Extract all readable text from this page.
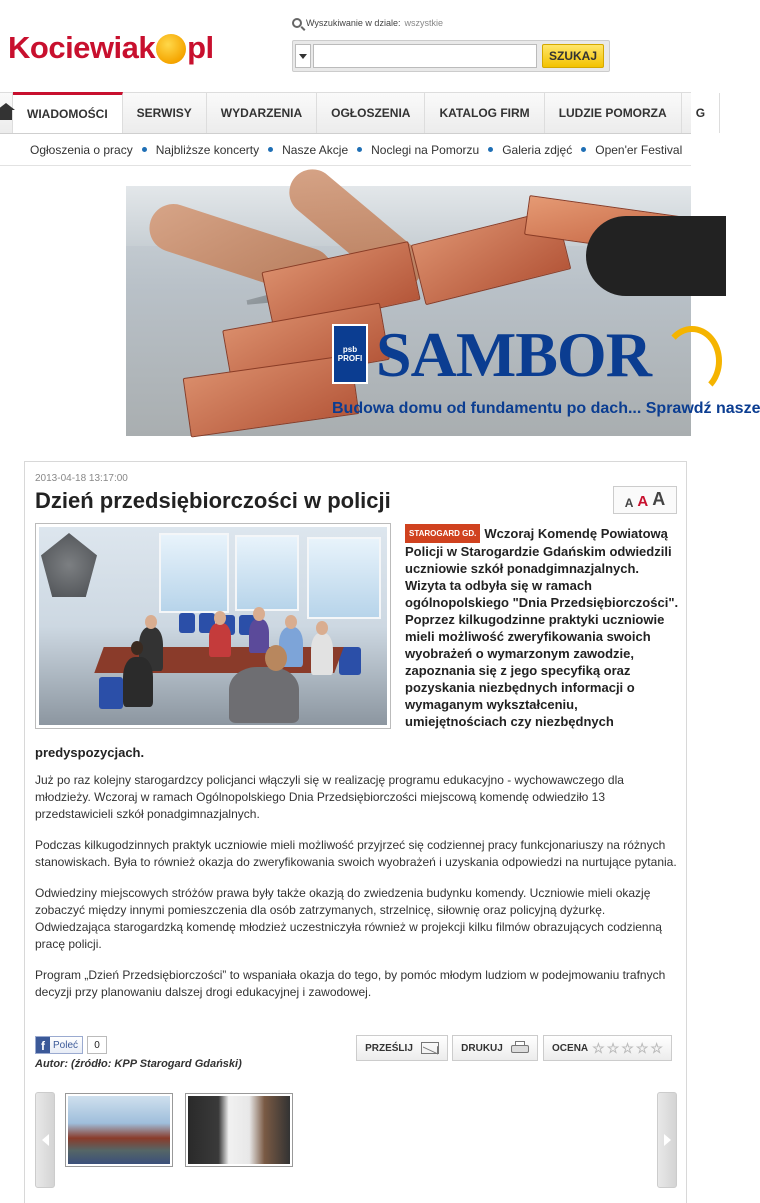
Kociewiak pl
Wyszukiwanie w dziale: wszystkie
SZUKAJ
WIADOMOŚCI	SERWISY	WYDARZENIA	OGŁOSZENIA	KATALOG FIRM	LUDZIE POMORZA	G
Ogłoszenia o pracy Najbliższe koncerty Nasze Akcje Noclegi na Pomorzu Galeria zdjęć Open'er Festival
psb
PROFI SAMBOR
Budowa domu od fundamentu po dach... Sprawdź nasze
2013-04-18 13:17:00
Dzień przedsiębiorczości w policji	A A A
STAROGARD GD. Wczoraj Komendę Powiatową Policji w Starogardzie Gdańskim odwiedzili uczniowie szkół ponadgimnazjalnych. Wizyta ta odbyła się w ramach ogólnopolskiego "Dnia Przedsiębiorczości". Poprzez kilkugodzinne praktyki uczniowie mieli możliwość zweryfikowania swoich wyobrażeń o wymarzonym zawodzie, zapoznania się z jego specyfiką oraz pozyskania niezbędnych informacji o wymaganym wykształceniu, umiejętnościach czy niezbędnych
predyspozycjach.

Już po raz kolejny starogardzcy policjanci włączyli się w realizację programu edukacyjno - wychowawczego dla młodzieży. Wczoraj w ramach Ogólnopolskiego Dnia Przedsiębiorczości miejscową komendę odwiedziło 13 przedstawicieli szkół ponadgimnazjalnych.

Podczas kilkugodzinnych praktyk uczniowie mieli możliwość przyjrzeć się codziennej pracy funkcjonariuszy na różnych stanowiskach. Była to również okazja do zweryfikowania swoich wyobrażeń i uzyskania odpowiedzi na nurtujące pytania.

Odwiedziny miejscowych stróżów prawa były także okazją do zwiedzenia budynku komendy. Uczniowie mieli okazję zobaczyć między innymi pomieszczenia dla osób zatrzymanych, strzelnicę, siłownię oraz policyjną dyżurkę. Odwiedzająca starogardzką komendę młodzież uczestniczyła również w projekcji kilku filmów obrazujących codzienną pracę policji.

Program „Dzień Przedsiębiorczości” to wspaniała okazja do tego, by pomóc młodym ludziom w podejmowaniu trafnych decyzji przy planowaniu dalszej drogi edukacyjnej i zawodowej.

f Poleć	0
Autor: (źródło: KPP Starogard Gdański)
PRZEŚLIJ	DRUKUJ	OCENA ☆ ☆ ☆ ☆ ☆
